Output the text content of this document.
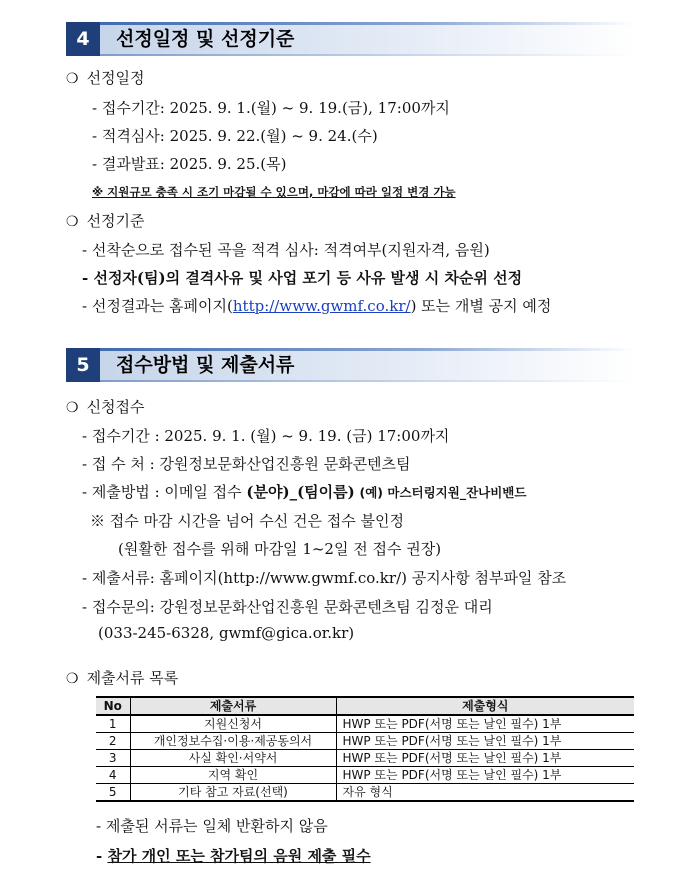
4	선정일정 및 선정기준
❍ 선정일정
- 접수기간: 2025. 9. 1.(월) ~ 9. 19.(금), 17:00까지
- 적격심사: 2025. 9. 22.(월) ~ 9. 24.(수)
- 결과발표: 2025. 9. 25.(목)
※ 지원규모 충족 시 조기 마감될 수 있으며, 마감에 따라 일정 변경 가능
❍ 선정기준
- 선착순으로 접수된 곡을 적격 심사: 적격여부(지원자격, 음원)
- 선정자(팀)의 결격사유 및 사업 포기 등 사유 발생 시 차순위 선정
- 선정결과는 홈페이지(http://www.gwmf.co.kr/) 또는 개별 공지 예정
5	접수방법 및 제출서류
❍ 신청접수
- 접수기간 : 2025. 9. 1. (월) ~ 9. 19. (금) 17:00까지
- 접 수 처 : 강원정보문화산업진흥원 문화콘텐츠팀
- 제출방법 : 이메일 접수 (분야)_(팀이름) (예) 마스터링지원_잔나비밴드
※ 접수 마감 시간을 넘어 수신 건은 접수 불인정
(원활한 접수를 위해 마감일 1~2일 전 접수 권장)
- 제출서류: 홈페이지(http://www.gwmf.co.kr/) 공지사항 첨부파일 참조
- 접수문의: 강원정보문화산업진흥원 문화콘텐츠팀 김정운 대리
(033-245-6328, gwmf@gica.or.kr)
❍ 제출서류 목록
No	제출서류	제출형식
1	지원신청서	HWP 또는 PDF(서명 또는 날인 필수) 1부
2	개인정보수집·이용·제공동의서	HWP 또는 PDF(서명 또는 날인 필수) 1부
3	사실 확인·서약서	HWP 또는 PDF(서명 또는 날인 필수) 1부
4	지역 확인	HWP 또는 PDF(서명 또는 날인 필수) 1부
5	기타 참고 자료(선택)	자유 형식
- 제출된 서류는 일체 반환하지 않음
- 참가 개인 또는 참가팀의 음원 제출 필수
